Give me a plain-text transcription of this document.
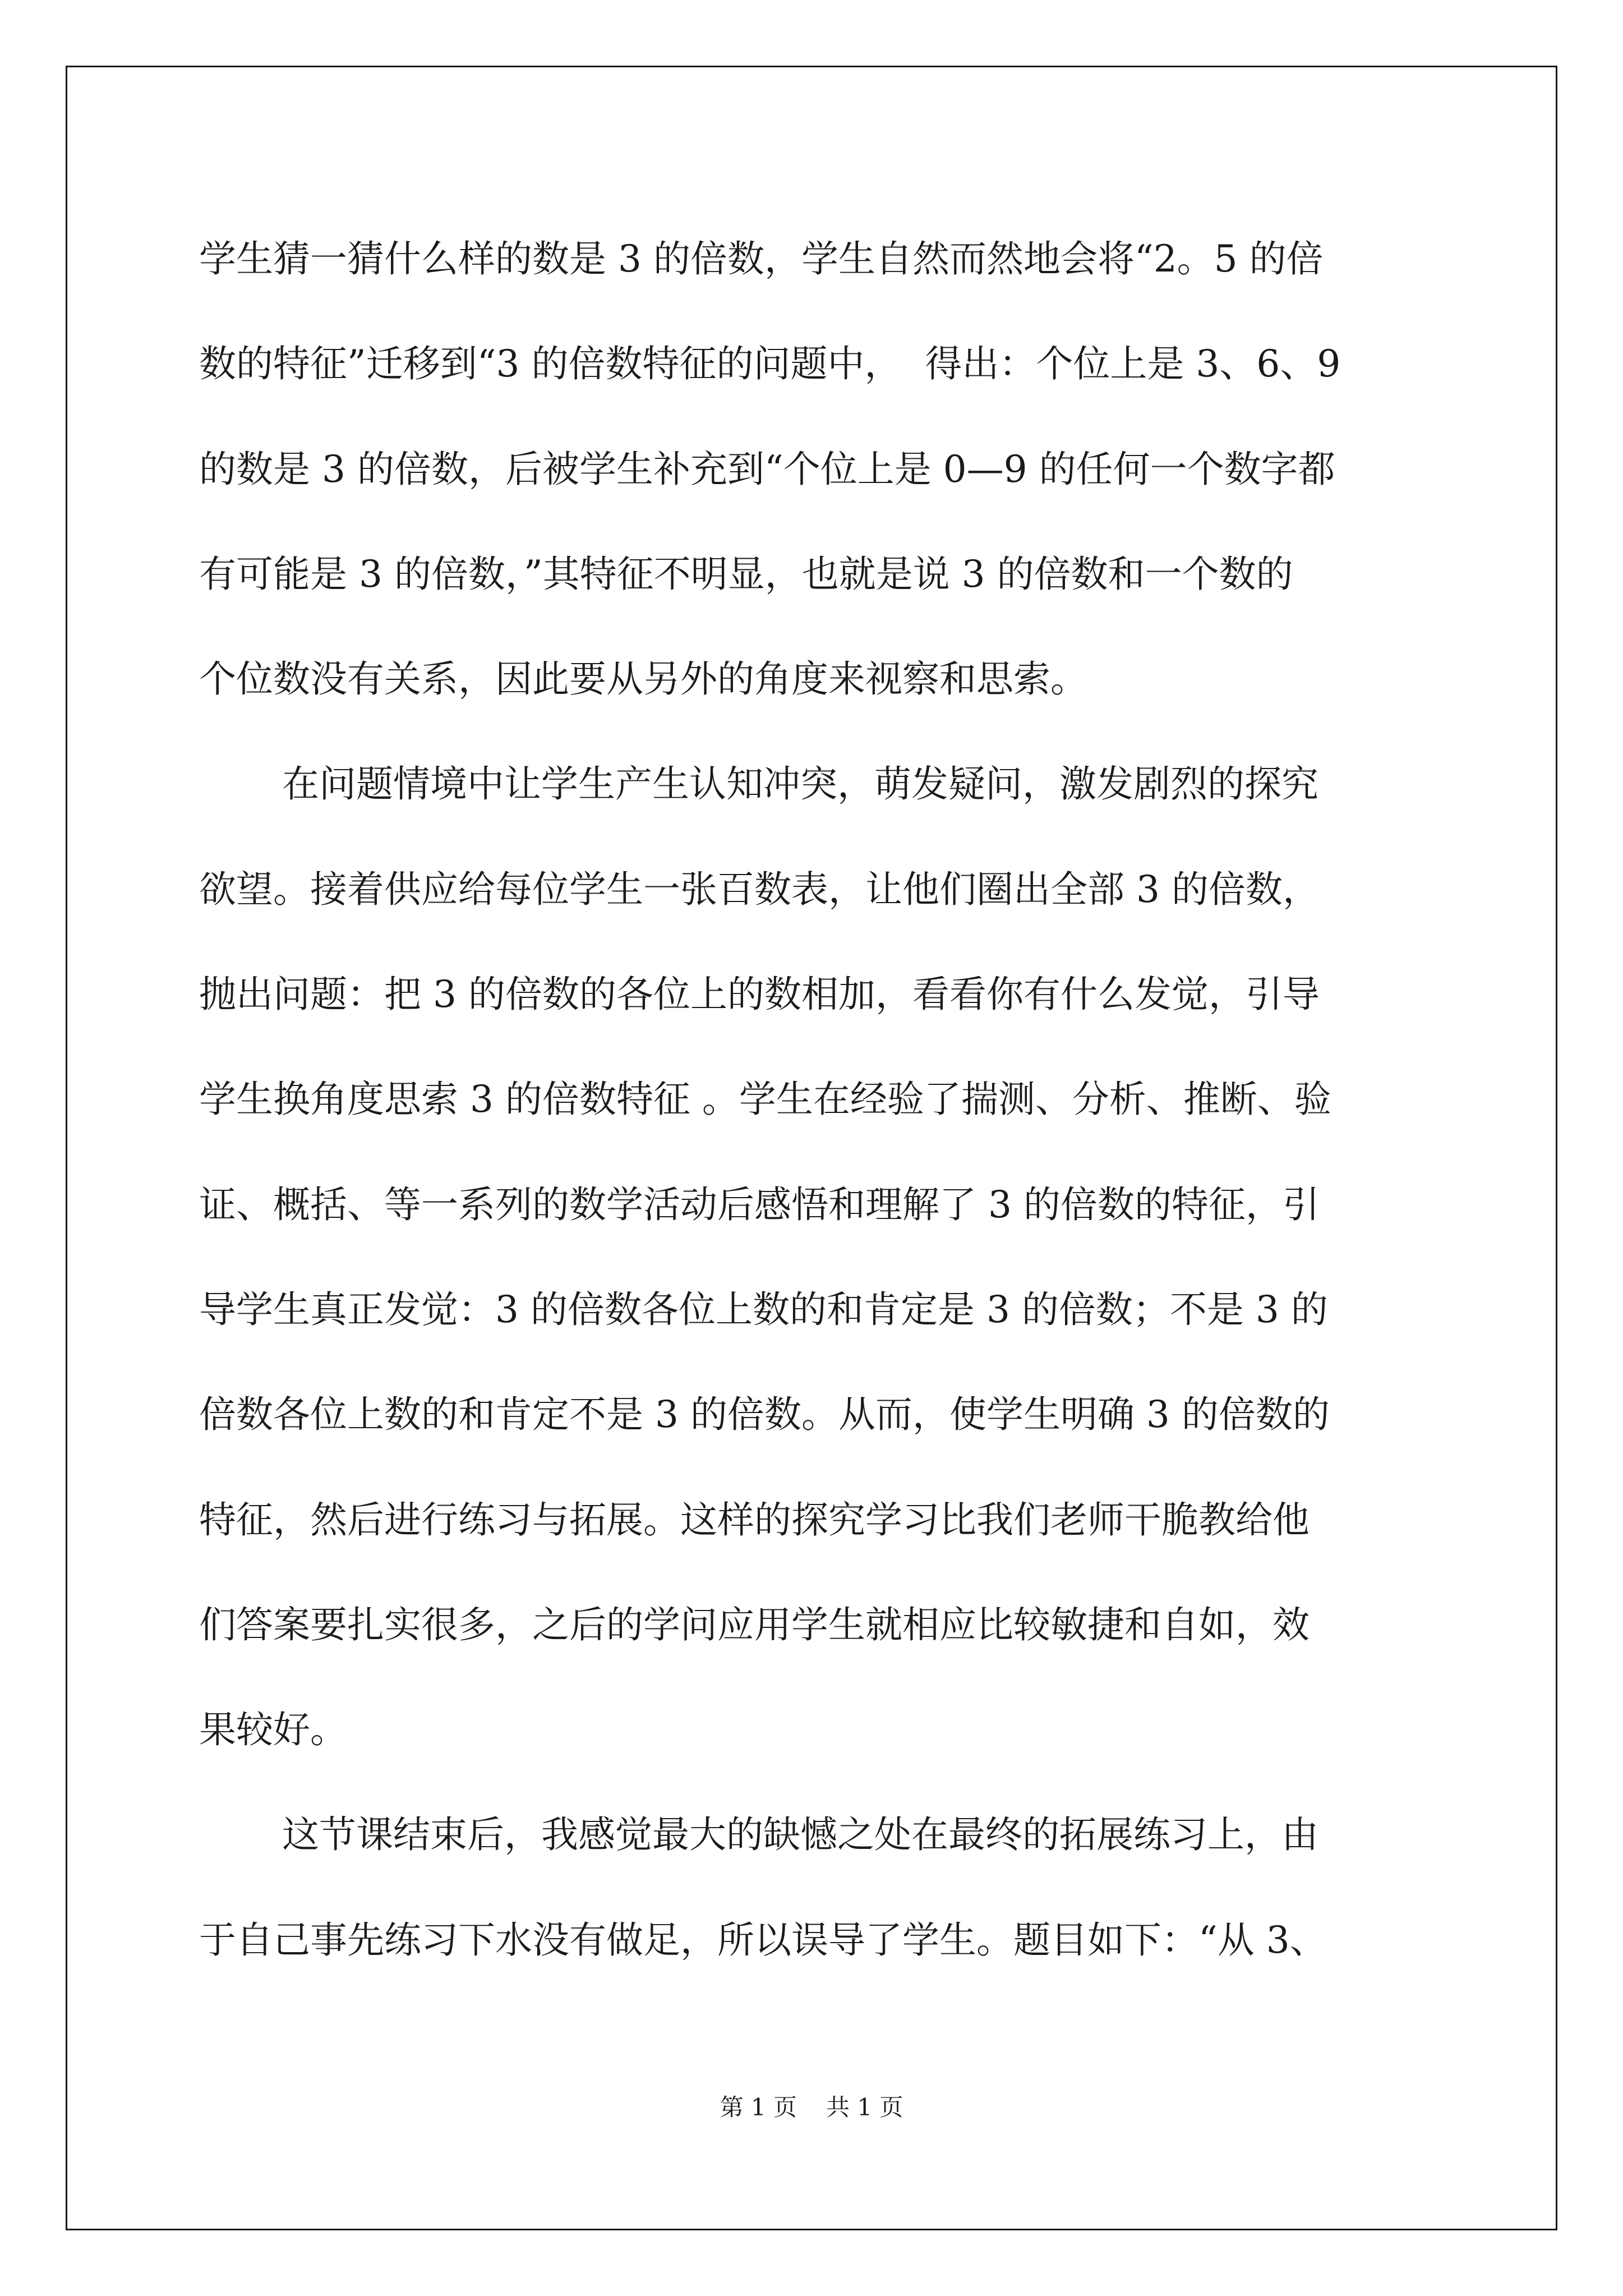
学生猜一猜什么样的数是 3 的倍数，学生自然而然地会将“2。5 的倍
数的特征”迁移到“3 的倍数特征的问题中，  得出：个位上是 3、6、9
的数是 3 的倍数，后被学生补充到“个位上是 0—9 的任何一个数字都
有可能是 3 的倍数，”其特征不明显，也就是说 3 的倍数和一个数的
个位数没有关系，因此要从另外的角度来视察和思索。
在问题情境中让学生产生认知冲突，萌发疑问，激发剧烈的探究
欲望。接着供应给每位学生一张百数表，让他们圈出全部 3 的倍数，
抛出问题：把 3 的倍数的各位上的数相加，看看你有什么发觉，引导
学生换角度思索 3 的倍数特征 。学生在经验了揣测、分析、推断、验
证、概括、等一系列的数学活动后感悟和理解了 3 的倍数的特征，引
导学生真正发觉：3 的倍数各位上数的和肯定是 3 的倍数；不是 3 的
倍数各位上数的和肯定不是 3 的倍数。从而，使学生明确 3 的倍数的
特征，然后进行练习与拓展。这样的探究学习比我们老师干脆教给他
们答案要扎实很多，之后的学问应用学生就相应比较敏捷和自如，效
果较好。
这节课结束后，我感觉最大的缺憾之处在最终的拓展练习上，由
于自己事先练习下水没有做足，所以误导了学生。题目如下：“从 3、
第 1 页 共 1 页
